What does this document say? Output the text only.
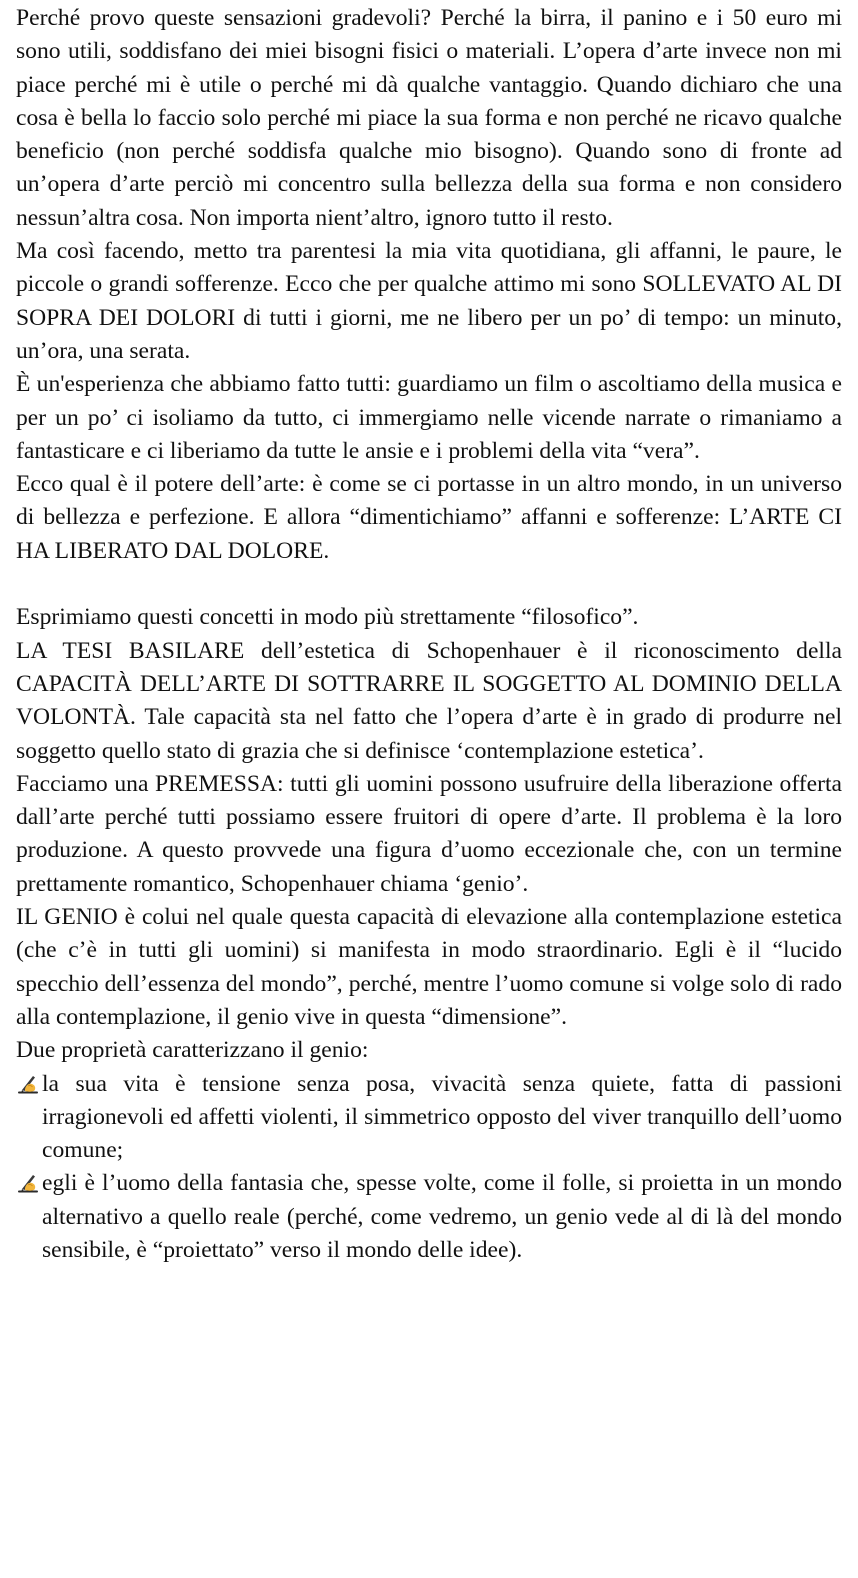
Perché provo queste sensazioni gradevoli? Perché la birra, il panino e i 50 euro mi sono utili, soddisfano dei miei bisogni fisici o materiali. L’opera d’arte invece non mi piace perché mi è utile o perché mi dà qualche vantaggio. Quando dichiaro che una cosa è bella lo faccio solo perché mi piace la sua forma e non perché ne ricavo qualche beneficio (non perché soddisfa qualche mio bisogno). Quando sono di fronte ad un’opera d’arte perciò mi concentro sulla bellezza della sua forma e non considero nessun’altra cosa. Non importa nient’altro, ignoro tutto il resto.

Ma così facendo, metto tra parentesi la mia vita quotidiana, gli affanni, le paure, le piccole o grandi sofferenze. Ecco che per qualche attimo mi sono SOLLEVATO AL DI SOPRA DEI DOLORI di tutti i giorni, me ne libero per un po’ di tempo: un minuto, un’ora, una serata.

È un'esperienza che abbiamo fatto tutti: guardiamo un film o ascoltiamo della musica e per un po’ ci isoliamo da tutto, ci immergiamo nelle vicende narrate o rimaniamo a fantasticare e ci liberiamo da tutte le ansie e i problemi della vita “vera”.

Ecco qual è il potere dell’arte: è come se ci portasse in un altro mondo, in un universo di bellezza e perfezione. E allora “dimentichiamo” affanni e sofferenze: L’ARTE CI HA LIBERATO DAL DOLORE.

Esprimiamo questi concetti in modo più strettamente “filosofico”.

LA TESI BASILARE dell’estetica di Schopenhauer è il riconoscimento della CAPACITÀ DELL’ARTE DI SOTTRARRE IL SOGGETTO AL DOMINIO DELLA VOLONTÀ. Tale capacità sta nel fatto che l’opera d’arte è in grado di produrre nel soggetto quello stato di grazia che si definisce ‘contemplazione estetica’.

Facciamo una PREMESSA: tutti gli uomini possono usufruire della liberazione offerta dall’arte perché tutti possiamo essere fruitori di opere d’arte. Il problema è la loro produzione. A questo provvede una figura d’uomo eccezionale che, con un termine prettamente romantico, Schopenhauer chiama ‘genio’.

IL GENIO è colui nel quale questa capacità di elevazione alla contemplazione estetica (che c’è in tutti gli uomini) si manifesta in modo straordinario. Egli è il “lucido specchio dell’essenza del mondo”, perché, mentre l’uomo comune si volge solo di rado alla contemplazione, il genio vive in questa “dimensione”.

Due proprietà caratterizzano il genio:

la sua vita è tensione senza posa, vivacità senza quiete, fatta di passioni irragionevoli ed affetti violenti, il simmetrico opposto del viver tranquillo dell’uomo comune;
egli è l’uomo della fantasia che, spesse volte, come il folle, si proietta in un mondo alternativo a quello reale (perché, come vedremo, un genio vede al di là del mondo sensibile, è “proiettato” verso il mondo delle idee).
